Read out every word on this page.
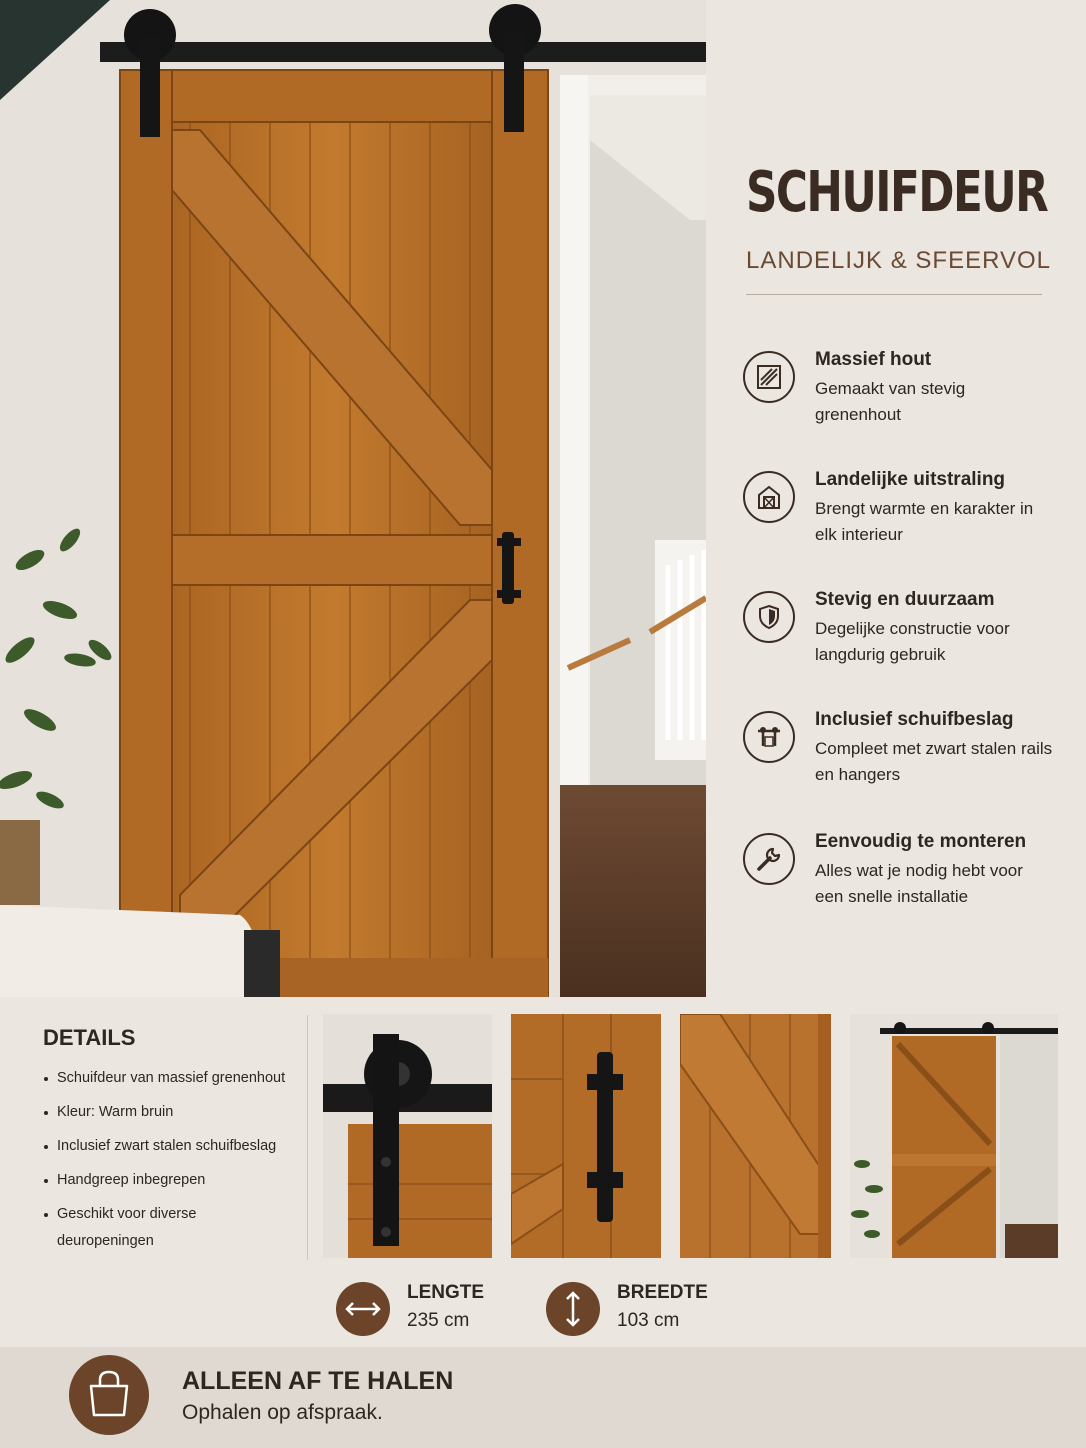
SCHUIFDEUR
LANDELIJK & SFEERVOL
Massief hout
Gemaakt van stevig grenenhout
Landelijke uitstraling
Brengt warmte en karakter in elk interieur
Stevig en duurzaam
Degelijke constructie voor langdurig gebruik
Inclusief schuifbeslag
Compleet met zwart stalen rails en hangers
Eenvoudig te monteren
Alles wat je nodig hebt voor een snelle installatie
DETAILS
Schuifdeur van massief grenenhout
Kleur: Warm bruin
Inclusief zwart stalen schuifbeslag
Handgreep inbegrepen
Geschikt voor diverse deuropeningen
LENGTE
235 cm
BREEDTE
103 cm
ALLEEN AF TE HALEN
Ophalen op afspraak.
